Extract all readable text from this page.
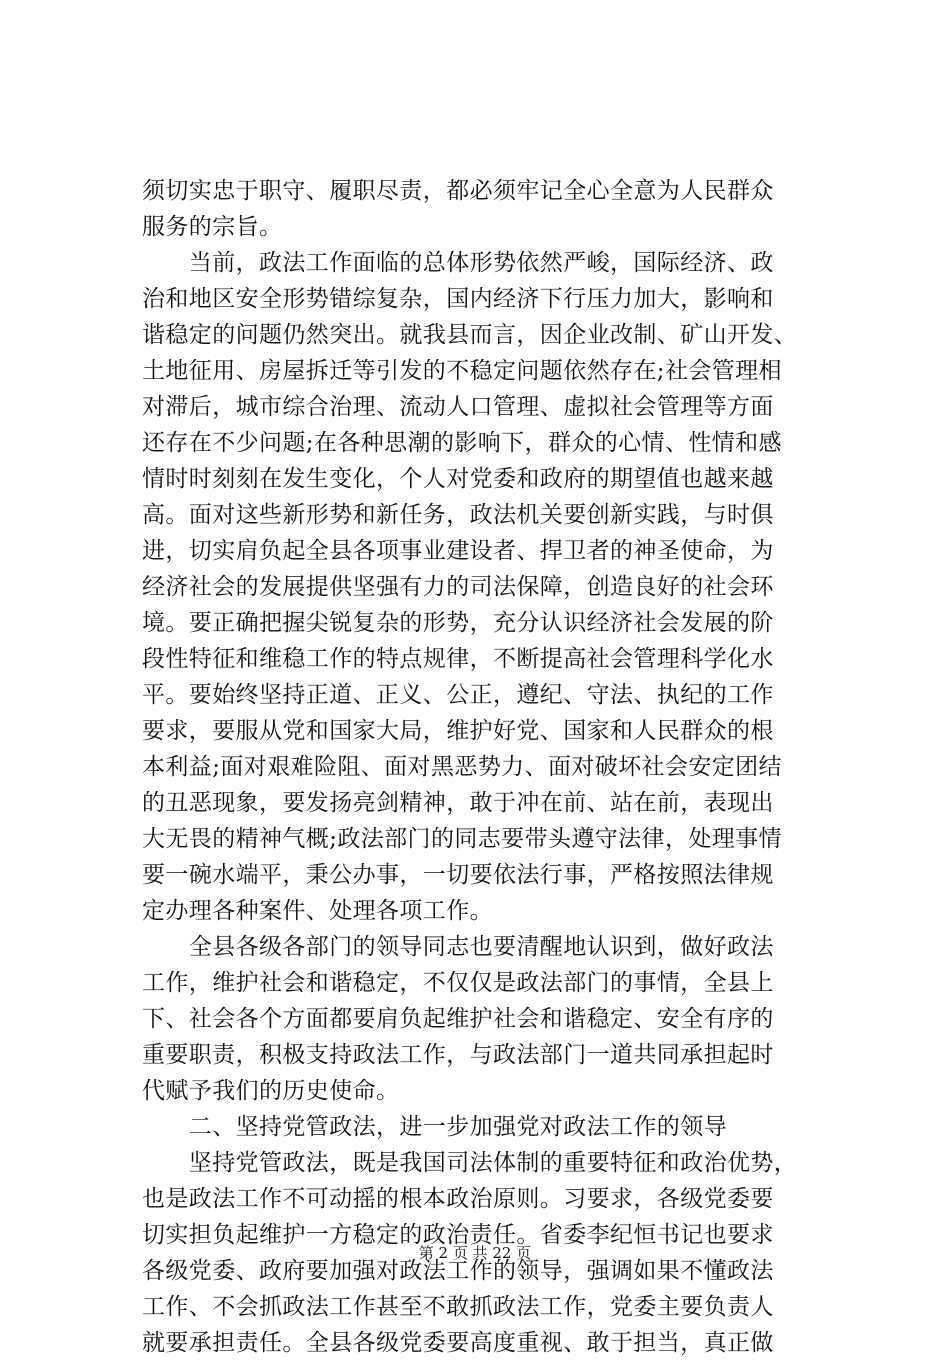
须切实忠于职守、履职尽责，都必须牢记全心全意为人民群众
服务的宗旨。
　　当前，政法工作面临的总体形势依然严峻，国际经济、政
治和地区安全形势错综复杂，国内经济下行压力加大，影响和
谐稳定的问题仍然突出。就我县而言，因企业改制、矿山开发、
土地征用、房屋拆迁等引发的不稳定问题依然存在;社会管理相
对滞后，城市综合治理、流动人口管理、虚拟社会管理等方面
还存在不少问题;在各种思潮的影响下，群众的心情、性情和感
情时时刻刻在发生变化，个人对党委和政府的期望值也越来越
高。面对这些新形势和新任务，政法机关要创新实践，与时俱
进，切实肩负起全县各项事业建设者、捍卫者的神圣使命，为
经济社会的发展提供坚强有力的司法保障，创造良好的社会环
境。要正确把握尖锐复杂的形势，充分认识经济社会发展的阶
段性特征和维稳工作的特点规律，不断提高社会管理科学化水
平。要始终坚持正道、正义、公正，遵纪、守法、执纪的工作
要求，要服从党和国家大局，维护好党、国家和人民群众的根
本利益;面对艰难险阻、面对黑恶势力、面对破坏社会安定团结
的丑恶现象，要发扬亮剑精神，敢于冲在前、站在前，表现出
大无畏的精神气概;政法部门的同志要带头遵守法律，处理事情
要一碗水端平，秉公办事，一切要依法行事，严格按照法律规
定办理各种案件、处理各项工作。
　　全县各级各部门的领导同志也要清醒地认识到，做好政法
工作，维护社会和谐稳定，不仅仅是政法部门的事情，全县上
下、社会各个方面都要肩负起维护社会和谐稳定、安全有序的
重要职责，积极支持政法工作，与政法部门一道共同承担起时
代赋予我们的历史使命。
　　二、坚持党管政法，进一步加强党对政法工作的领导
　　坚持党管政法，既是我国司法体制的重要特征和政治优势，
也是政法工作不可动摇的根本政治原则。习要求，各级党委要
切实担负起维护一方稳定的政治责任。省委李纪恒书记也要求
各级党委、政府要加强对政法工作的领导，强调如果不懂政法
工作、不会抓政法工作甚至不敢抓政法工作，党委主要负责人
就要承担责任。全县各级党委要高度重视、敢于担当，真正做
第 2 页 共 22 页
